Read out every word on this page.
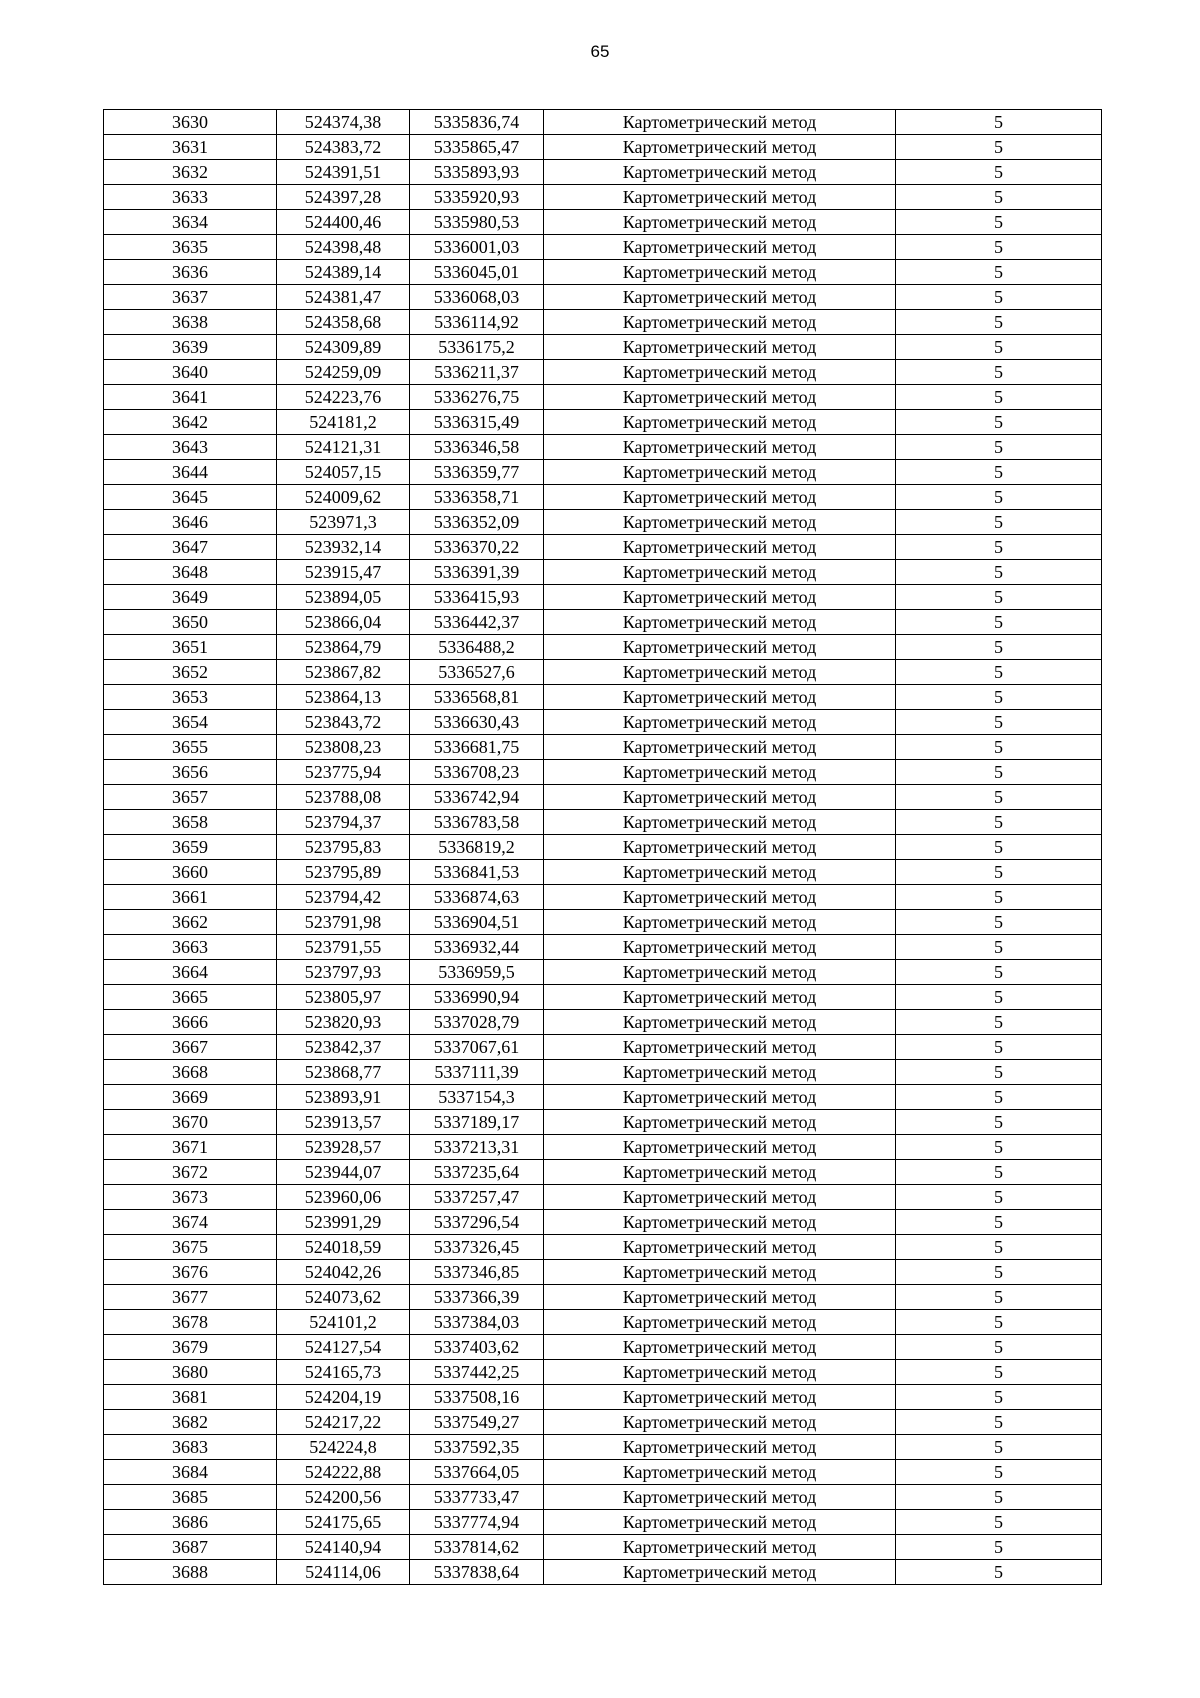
65
3630	524374,38	5335836,74	Картометрический метод	5
3631	524383,72	5335865,47	Картометрический метод	5
3632	524391,51	5335893,93	Картометрический метод	5
3633	524397,28	5335920,93	Картометрический метод	5
3634	524400,46	5335980,53	Картометрический метод	5
3635	524398,48	5336001,03	Картометрический метод	5
3636	524389,14	5336045,01	Картометрический метод	5
3637	524381,47	5336068,03	Картометрический метод	5
3638	524358,68	5336114,92	Картометрический метод	5
3639	524309,89	5336175,2	Картометрический метод	5
3640	524259,09	5336211,37	Картометрический метод	5
3641	524223,76	5336276,75	Картометрический метод	5
3642	524181,2	5336315,49	Картометрический метод	5
3643	524121,31	5336346,58	Картометрический метод	5
3644	524057,15	5336359,77	Картометрический метод	5
3645	524009,62	5336358,71	Картометрический метод	5
3646	523971,3	5336352,09	Картометрический метод	5
3647	523932,14	5336370,22	Картометрический метод	5
3648	523915,47	5336391,39	Картометрический метод	5
3649	523894,05	5336415,93	Картометрический метод	5
3650	523866,04	5336442,37	Картометрический метод	5
3651	523864,79	5336488,2	Картометрический метод	5
3652	523867,82	5336527,6	Картометрический метод	5
3653	523864,13	5336568,81	Картометрический метод	5
3654	523843,72	5336630,43	Картометрический метод	5
3655	523808,23	5336681,75	Картометрический метод	5
3656	523775,94	5336708,23	Картометрический метод	5
3657	523788,08	5336742,94	Картометрический метод	5
3658	523794,37	5336783,58	Картометрический метод	5
3659	523795,83	5336819,2	Картометрический метод	5
3660	523795,89	5336841,53	Картометрический метод	5
3661	523794,42	5336874,63	Картометрический метод	5
3662	523791,98	5336904,51	Картометрический метод	5
3663	523791,55	5336932,44	Картометрический метод	5
3664	523797,93	5336959,5	Картометрический метод	5
3665	523805,97	5336990,94	Картометрический метод	5
3666	523820,93	5337028,79	Картометрический метод	5
3667	523842,37	5337067,61	Картометрический метод	5
3668	523868,77	5337111,39	Картометрический метод	5
3669	523893,91	5337154,3	Картометрический метод	5
3670	523913,57	5337189,17	Картометрический метод	5
3671	523928,57	5337213,31	Картометрический метод	5
3672	523944,07	5337235,64	Картометрический метод	5
3673	523960,06	5337257,47	Картометрический метод	5
3674	523991,29	5337296,54	Картометрический метод	5
3675	524018,59	5337326,45	Картометрический метод	5
3676	524042,26	5337346,85	Картометрический метод	5
3677	524073,62	5337366,39	Картометрический метод	5
3678	524101,2	5337384,03	Картометрический метод	5
3679	524127,54	5337403,62	Картометрический метод	5
3680	524165,73	5337442,25	Картометрический метод	5
3681	524204,19	5337508,16	Картометрический метод	5
3682	524217,22	5337549,27	Картометрический метод	5
3683	524224,8	5337592,35	Картометрический метод	5
3684	524222,88	5337664,05	Картометрический метод	5
3685	524200,56	5337733,47	Картометрический метод	5
3686	524175,65	5337774,94	Картометрический метод	5
3687	524140,94	5337814,62	Картометрический метод	5
3688	524114,06	5337838,64	Картометрический метод	5
